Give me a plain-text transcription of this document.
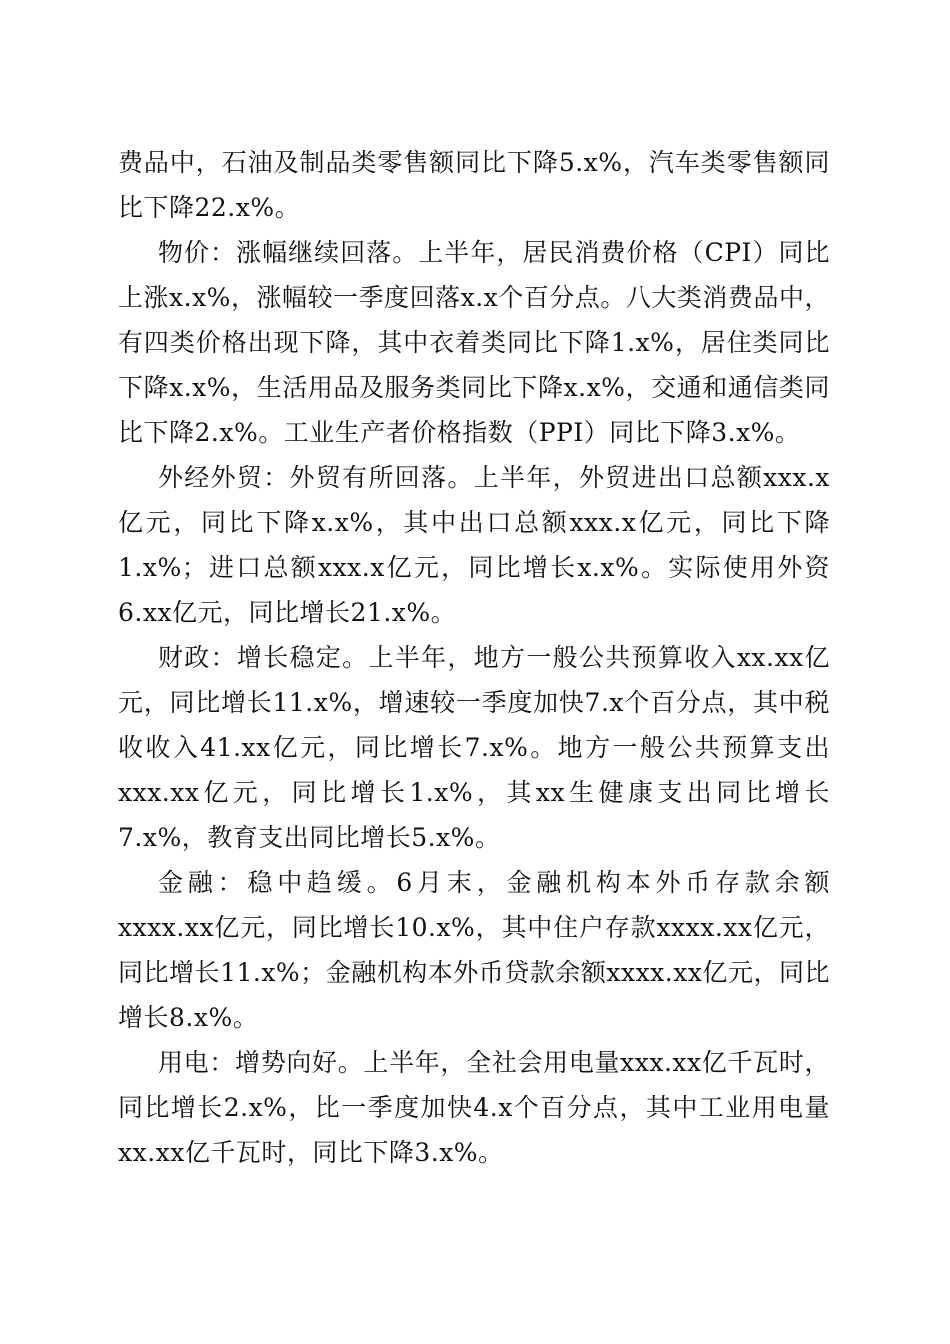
费品中，石油及制品类零售额同比下降5.x%，汽车类零售额同比下降22.x%。

物价：涨幅继续回落。上半年，居民消费价格（CPI）同比上涨x.x%，涨幅较一季度回落x.x个百分点。八大类消费品中，有四类价格出现下降，其中衣着类同比下降1.x%，居住类同比下降x.x%，生活用品及服务类同比下降x.x%，交通和通信类同比下降2.x%。工业生产者价格指数（PPI）同比下降3.x%。

外经外贸：外贸有所回落。上半年，外贸进出口总额xxx.x亿元，同比下降x.x%，其中出口总额xxx.x亿元，同比下降1.x%；进口总额xxx.x亿元，同比增长x.x%。实际使用外资6.xx亿元，同比增长21.x%。

财政：增长稳定。上半年，地方一般公共预算收入xx.xx亿元，同比增长11.x%，增速较一季度加快7.x个百分点，其中税收收入41.xx亿元，同比增长7.x%。地方一般公共预算支出xxx.xx亿元，同比增长1.x%，其xx生健康支出同比增长7.x%，教育支出同比增长5.x%。

金融：稳中趋缓。6月末，金融机构本外币存款余额xxxx.xx亿元，同比增长10.x%，其中住户存款xxxx.xx亿元，同比增长11.x%；金融机构本外币贷款余额xxxx.xx亿元，同比增长8.x%。

用电：增势向好。上半年，全社会用电量xxx.xx亿千瓦时，同比增长2.x%，比一季度加快4.x个百分点，其中工业用电量xx.xx亿千瓦时，同比下降3.x%。
